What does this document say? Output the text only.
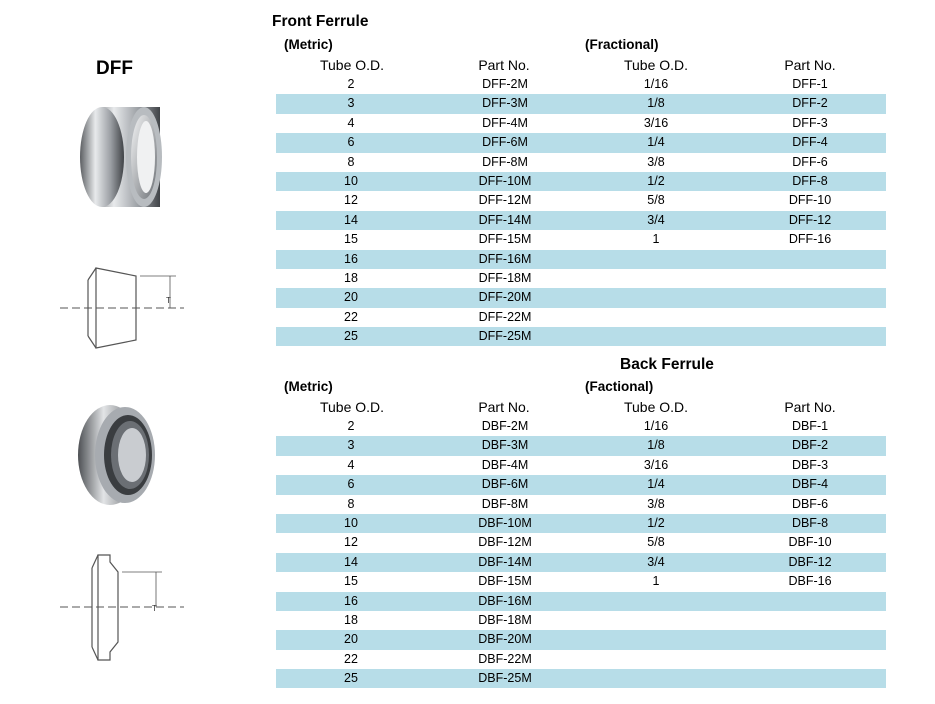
DFF
T
T
Front Ferrule
(Metric)	(Fractional)
Tube O.D.	Part No.	Tube O.D.	Part No.
2	DFF-2M	1/16	DFF-1
3	DFF-3M	1/8	DFF-2
4	DFF-4M	3/16	DFF-3
6	DFF-6M	1/4	DFF-4
8	DFF-8M	3/8	DFF-6
10	DFF-10M	1/2	DFF-8
12	DFF-12M	5/8	DFF-10
14	DFF-14M	3/4	DFF-12
15	DFF-15M	1	DFF-16
16	DFF-16M
18	DFF-18M
20	DFF-20M
22	DFF-22M
25	DFF-25M
Back Ferrule
(Metric)	(Factional)
Tube O.D.	Part No.	Tube O.D.	Part No.
2	DBF-2M	1/16	DBF-1
3	DBF-3M	1/8	DBF-2
4	DBF-4M	3/16	DBF-3
6	DBF-6M	1/4	DBF-4
8	DBF-8M	3/8	DBF-6
10	DBF-10M	1/2	DBF-8
12	DBF-12M	5/8	DBF-10
14	DBF-14M	3/4	DBF-12
15	DBF-15M	1	DBF-16
16	DBF-16M
18	DBF-18M
20	DBF-20M
22	DBF-22M
25	DBF-25M
